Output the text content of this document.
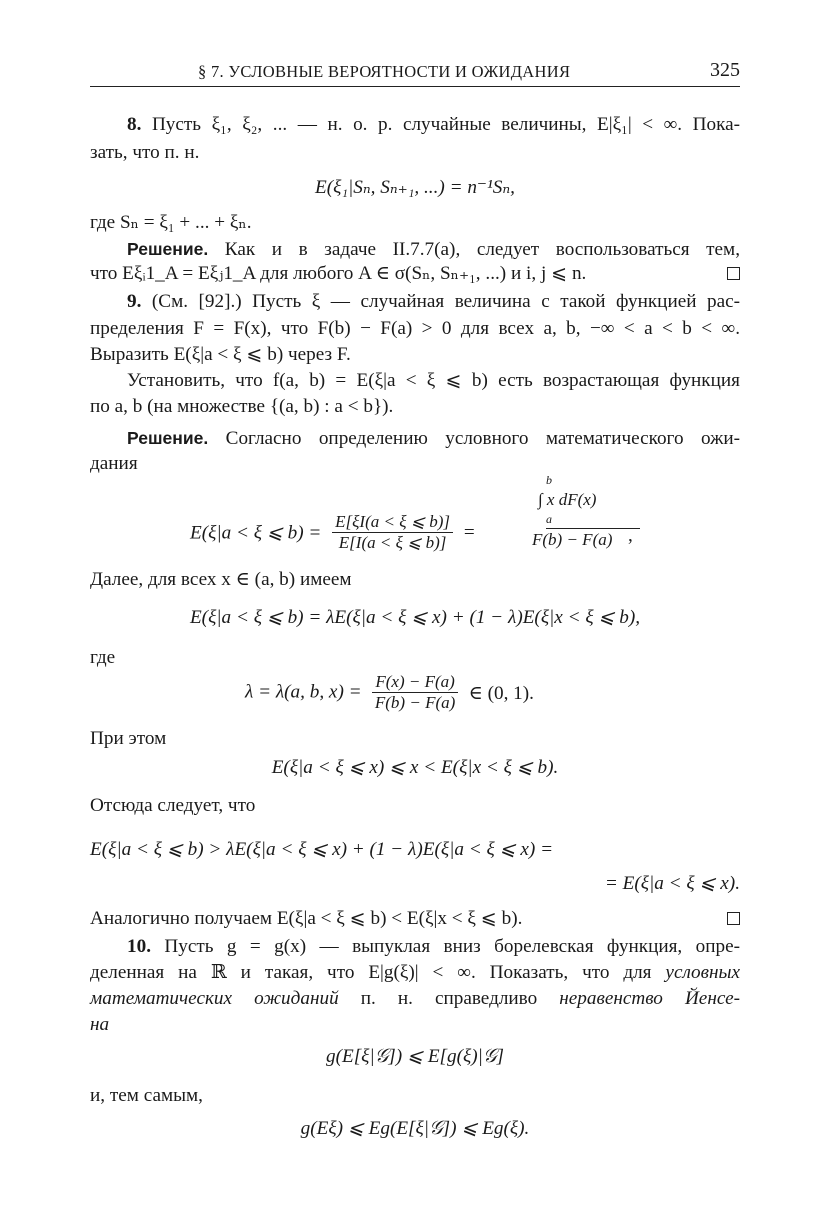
§ 7. УСЛОВНЫЕ ВЕРОЯТНОСТИ И ОЖИДАНИЯ	325
8. Пусть ξ₁, ξ₂, ... — н. о. р. случайные величины, E|ξ₁| < ∞. Пока-
зать, что п. н.
E(ξ₁|Sₙ, Sₙ₊₁, ...) = n⁻¹Sₙ,
где Sₙ = ξ₁ + ... + ξₙ.
Решение. Как и в задаче II.7.7(a), следует воспользоваться тем,
что Eξᵢ1_A = Eξⱼ1_A для любого A ∈ σ(Sₙ, Sₙ₊₁, ...) и i, j ⩽ n.
9. (См. [92].) Пусть ξ — случайная величина с такой функцией рас-
пределения F = F(x), что F(b) − F(a) > 0 для всех a, b, −∞ < a < b < ∞.
Выразить E(ξ|a < ξ ⩽ b) через F.
Установить, что f(a, b) = E(ξ|a < ξ ⩽ b) есть возрастающая функция
по a, b (на множестве {(a, b) : a < b}).
Решение. Согласно определению условного математического ожи-
дания
E(ξ|a < ξ ⩽ $b) = \frac{E[\xi I(a < \xi ⩽ b)]}{E[I(a < \xi ⩽ b)]}$ =
b
∫ x dF(x)
a
F(b) − F(a) ,
Далее, для всех x ∈ (a, b) имеем
E(ξ|a < ξ ⩽ b) = λE(ξ|a < ξ ⩽ x) + (1 − λ)E(ξ|x < ξ ⩽ b),
где
λ = λ(a, b, $x) = \frac{F(x) - F(a)}{F(b) - F(a)}$ ∈ (0, 1).
При этом
E(ξ|a < ξ ⩽ x) ⩽ x < E(ξ|x < ξ ⩽ b).
Отсюда следует, что
E(ξ|a < ξ ⩽ b) > λE(ξ|a < ξ ⩽ x) + (1 − λ)E(ξ|a < ξ ⩽ x) =
= E(ξ|a < ξ ⩽ x).
Аналогично получаем E(ξ|a < ξ ⩽ b) < E(ξ|x < ξ ⩽ b).
10. Пусть g = g(x) — выпуклая вниз борелевская функция, опре-
деленная на ℝ и такая, что E|g(ξ)| < ∞. Показать, что для условных
математических ожиданий п. н. справедливо неравенство Йенсе-
на
g(E[ξ|𝒢]) ⩽ E[g(ξ)|𝒢]
и, тем самым,
g(Eξ) ⩽ Eg(E[ξ|𝒢]) ⩽ Eg(ξ).
